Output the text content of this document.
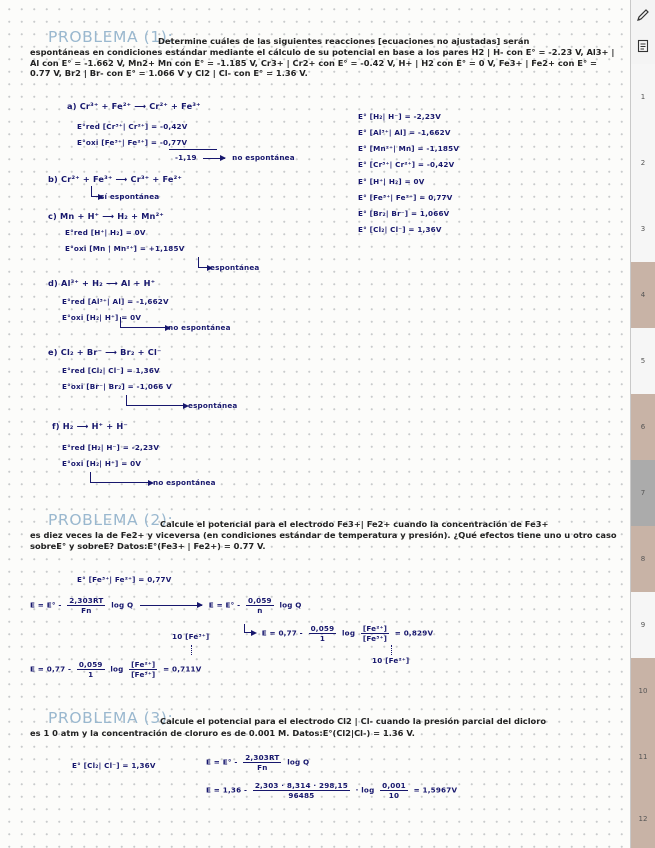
PROBLEMA (1):
Determine cuáles de las siguientes reacciones [ecuaciones no ajustadas] serán
espontáneas en condiciones estándar mediante el cálculo de su potencial en base a los pares H2 | H- con E° = -2.23 V, Al3+ | Al con E° = -1.662 V, Mn2+ Mn con E° = -1.185 V, Cr3+ | Cr2+ con E° = -0.42 V, H+ | H2 con E° = 0 V, Fe3+ | Fe2+ con E° = 0.77 V, Br2 | Br- con E° = 1.066 V y Cl2 | Cl- con E° = 1.36 V.
a) Cr³⁺ + Fe²⁺ ⟶ Cr²⁺ + Fe³⁺
E°red [Cr³⁺| Cr²⁺] = -0,42V
E°oxi [Fe³⁺| Fe²⁺] = -0,77V
-1,19	no espontánea
b) Cr²⁺ + Fe³⁺ ⟶ Cr³⁺ + Fe²⁺
sí espontánea
c) Mn + H⁺ ⟶ H₂ + Mn²⁺
E°red [H⁺| H₂] = 0V
E°oxi [Mn | Mn²⁺] = +1,185V
espontánea
d) Al³⁺ + H₂ ⟶ Al + H⁺
E°red [Al³⁺| Al] = -1,662V
E°oxi [H₂| H⁺] = 0V
no espontánea
e) Cl₂ + Br⁻ ⟶ Br₂ + Cl⁻
E°red [Cl₂| Cl⁻] = 1,36V
E°oxi [Br⁻| Br₂] = -1,066 V
espontánea
f) H₂ ⟶ H⁺ + H⁻
E°red [H₂| H⁻] = -2,23V
E°oxi [H₂| H⁺] = 0V
no espontánea
E° [H₂| H⁻] = -2,23V
E° [Al³⁺| Al] = -1,662V
E° [Mn²⁺| Mn] = -1,185V
E° [Cr³⁺| Cr²⁺] = -0,42V
E° [H⁺| H₂] = 0V
E° [Fe³⁺| Fe²⁺] = 0,77V
E° [Br₂| Br⁻] = 1,066V
E° [Cl₂| Cl⁻] = 1,36V
PROBLEMA (2):
Calcule el potencial para el electrodo Fe3+| Fe2+ cuando la concentración de Fe3+
es diez veces la de Fe2+ y viceversa (en condiciones estándar de temperatura y presión). ¿Qué efectos tiene uno u otro caso sobreE° y sobreE? Datos:E°(Fe3+ | Fe2+) = 0.77 V.
E° [Fe³⁺| Fe²⁺] = 0,77V
$E = E^\circ - \frac{2,303RT}{Fn}$ log Q	$E = E^\circ - \frac{0,059}{n}$ log Q
10 [Fe³⁺]	$E = 0,77 - \frac{0,059}{1}$ $\log \frac{\text{[Fe²⁺]}}{\text{[Fe³⁺]}} = 0,829V$
$E = 0,77 - \frac{0,059}{1}$ $\log \frac{\text{[Fe²⁺]}}{\text{[Fe³⁺]}} = 0,711V$
10 [Fe²⁺]
PROBLEMA (3):
Calcule el potencial para el electrodo Cl2 | Cl- cuando la presión parcial del dicloro
es 1 0 atm y la concentración de cloruro es de 0.001 M. Datos:E°(Cl2|Cl-) = 1.36 V.
E° [Cl₂| Cl⁻] = 1,36V	$E = E^\circ - \frac{2,303RT}{Fn}$ log Q
$E = 1,36 - \frac{2,303 \cdot 8,314 \cdot 298,15}{96485} \cdot \log \frac{0,001}{10} = 1,5967V$
1
2
3
4
5
6
7
8
9
10
11
12
